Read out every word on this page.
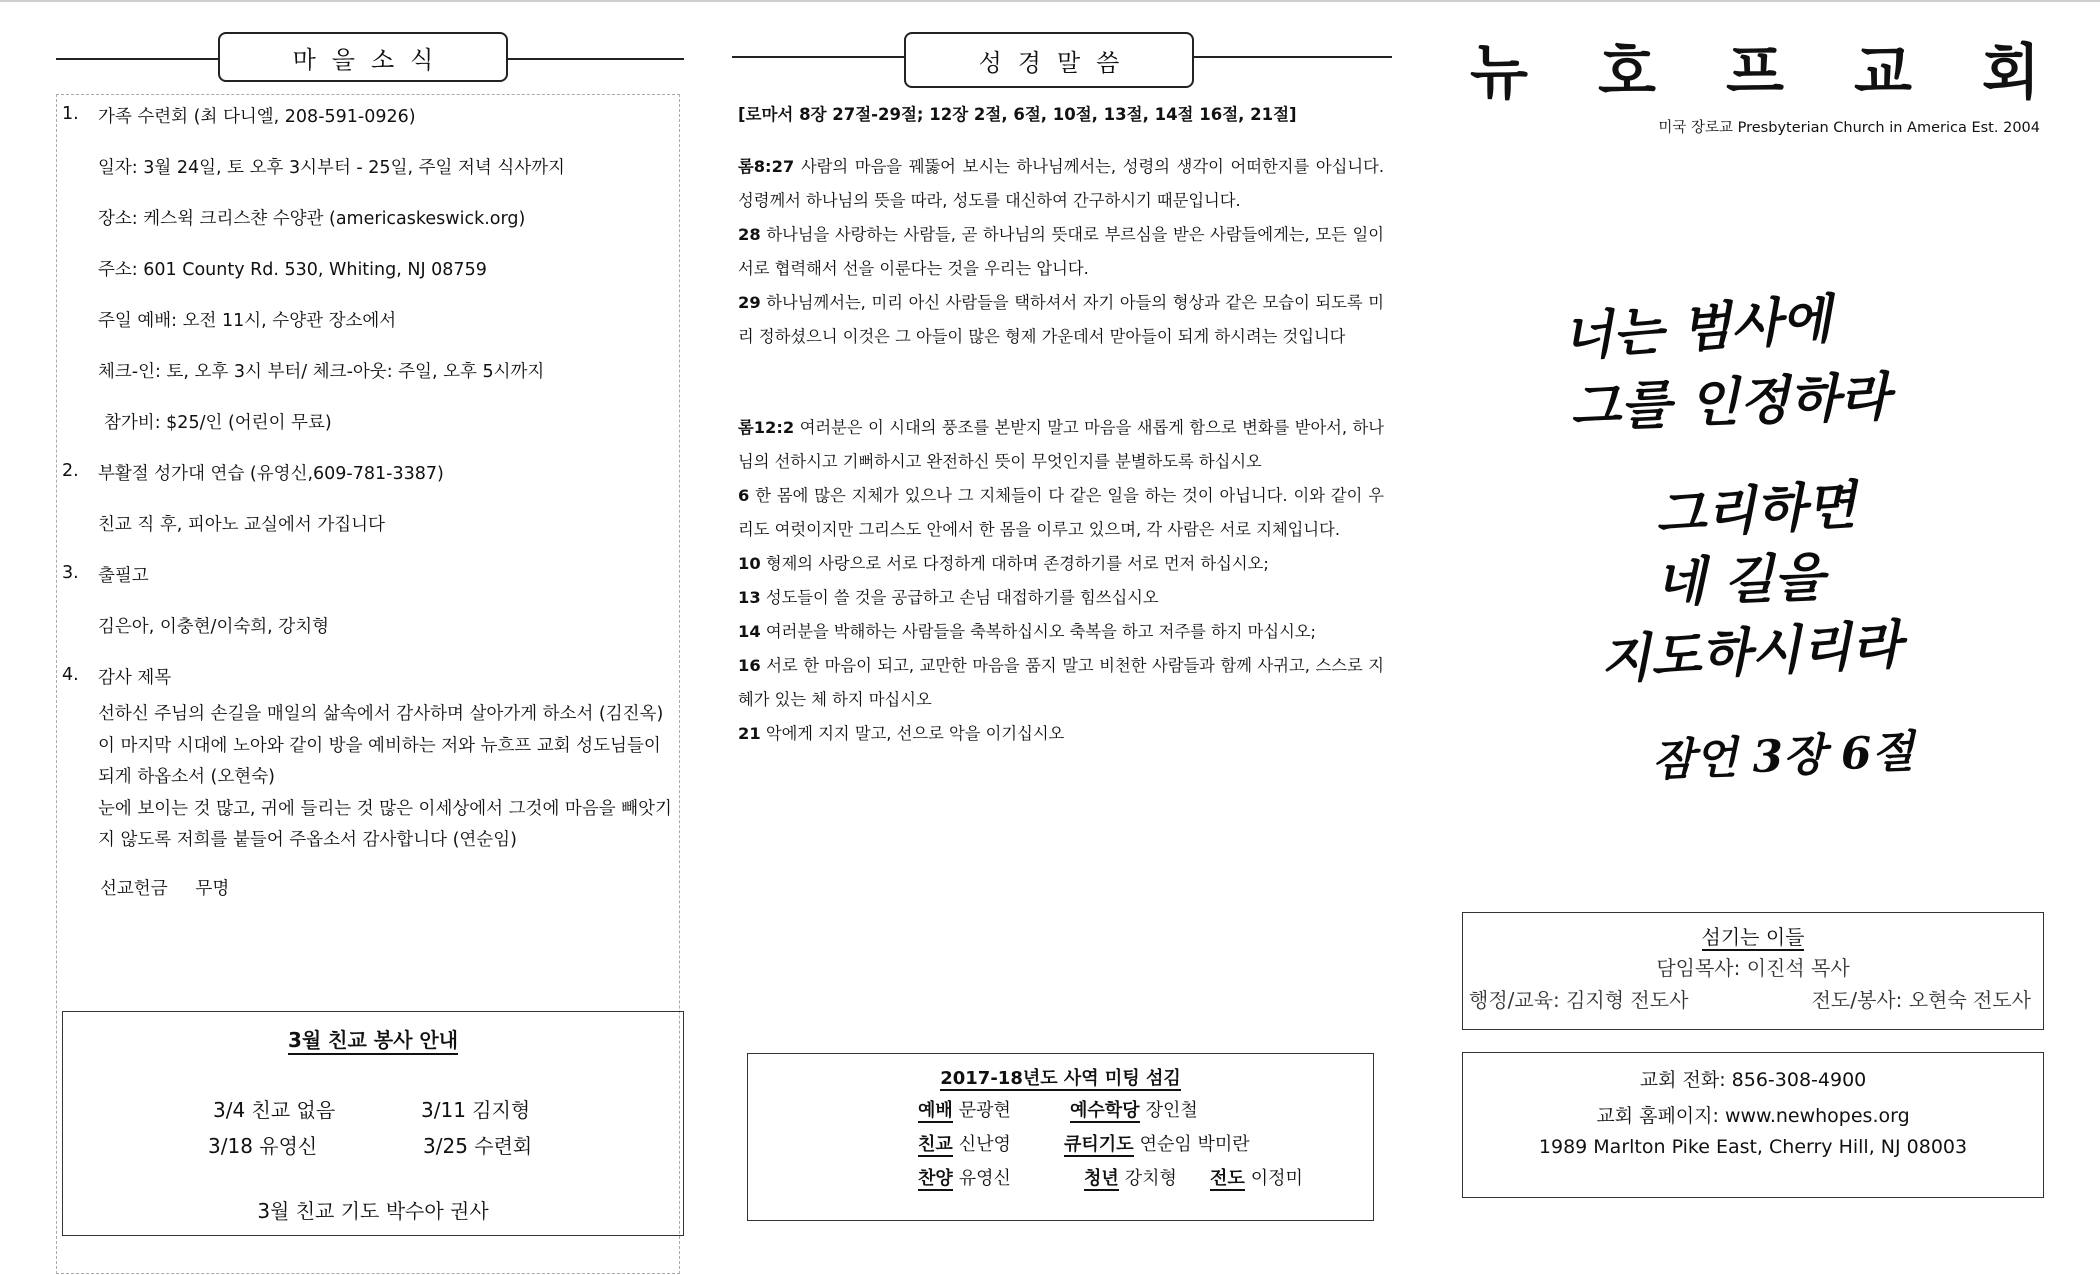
마을소식
1. 가족 수련회 (최 다니엘, 208-591-0926)
일자: 3월 24일, 토 오후 3시부터 - 25일, 주일 저녁 식사까지
장소: 케스윅 크리스챤 수양관 (americaskeswick.org)
주소: 601 County Rd. 530, Whiting, NJ 08759
주일 예배: 오전 11시, 수양관 장소에서
체크-인: 토, 오후 3시 부터/ 체크-아웃: 주일, 오후 5시까지
참가비: $25/인 (어린이 무료)
2. 부활절 성가대 연습 (유영신,609-781-3387)
친교 직 후, 피아노 교실에서 가집니다
3. 출필고
김은아, 이충현/이숙희, 강치형
4. 감사 제목
선하신 주님의 손길을 매일의 삶속에서 감사하며 살아가게 하소서 (김진옥)
이 마지막 시대에 노아와 같이 방을 예비하는 저와 뉴흐프 교회 성도님들이 되게 하옵소서 (오현숙)
눈에 보이는 것 많고, 귀에 들리는 것 많은 이세상에서 그것에 마음을 빼앗기지 않도록 저희를 붙들어 주옵소서 감사합니다 (연순임)
선교헌금     무명
3월 친교 봉사 안내
3/4 친교 없음	3/11 김지형
3/18 유영신	3/25 수련회
3월 친교 기도 박수아 권사
성경말씀
[로마서 8장 27절-29절; 12장 2절, 6절, 10절, 13절, 14절 16절, 21절]

롬8:27 사람의 마음을 꿰뚫어 보시는 하나님께서는, 성령의 생각이 어떠한지를 아십니다. 성령께서 하나님의 뜻을 따라, 성도를 대신하여 간구하시기 때문입니다.

28 하나님을 사랑하는 사람들, 곧 하나님의 뜻대로 부르심을 받은 사람들에게는, 모든 일이 서로 협력해서 선을 이룬다는 것을 우리는 압니다.

29 하나님께서는, 미리 아신 사람들을 택하셔서 자기 아들의 형상과 같은 모습이 되도록 미리 정하셨으니 이것은 그 아들이 많은 형제 가운데서 맏아들이 되게 하시려는 것입니다

롬12:2 여러분은 이 시대의 풍조를 본받지 말고 마음을 새롭게 함으로 변화를 받아서, 하나님의 선하시고 기뻐하시고 완전하신 뜻이 무엇인지를 분별하도록 하십시오

6 한 몸에 많은 지체가 있으나 그 지체들이 다 같은 일을 하는 것이 아닙니다. 이와 같이 우리도 여럿이지만 그리스도 안에서 한 몸을 이루고 있으며, 각 사람은 서로 지체입니다.

10 형제의 사랑으로 서로 다정하게 대하며 존경하기를 서로 먼저 하십시오;

13 성도들이 쓸 것을 공급하고 손님 대접하기를 힘쓰십시오

14 여러분을 박해하는 사람들을 축복하십시오 축복을 하고 저주를 하지 마십시오;

16 서로 한 마음이 되고, 교만한 마음을 품지 말고 비천한 사람들과 함께 사귀고, 스스로 지혜가 있는 체 하지 마십시오

21 악에게 지지 말고, 선으로 악을 이기십시오

2017-18년도 사역 미팅 섬김
예배 문광현	예수학당 장인철
친교 신난영	큐티기도 연순임 박미란
찬양 유영신	청년 강치형 전도 이정미
뉴 호 프 교 회
미국 장로교 Presbyterian Church in America Est. 2004
너는 범사에
그를 인정하라
그리하면
네 길을
지도하시리라
잠언 3장 6절
섬기는 이들
담임목사: 이진석 목사
행정/교육: 김지형 전도사	전도/봉사: 오현숙 전도사
교회 전화: 856-308-4900
교회 홈페이지: www.newhopes.org
1989 Marlton Pike East, Cherry Hill, NJ 08003
